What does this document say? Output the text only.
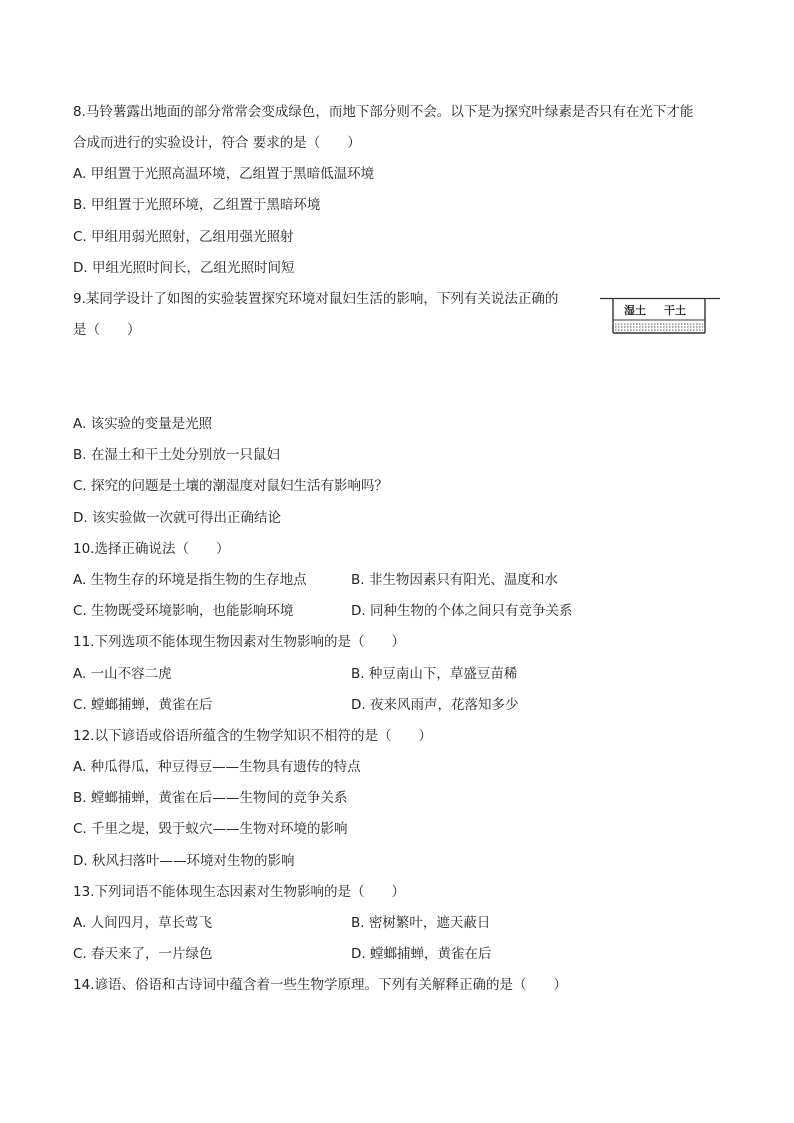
8.马铃薯露出地面的部分常常会变成绿色，而地下部分则不会。以下是为探究叶绿素是否只有在光下才能
合成而进行的实验设计，符合 要求的是（　　）
A. 甲组置于光照高温环境，乙组置于黑暗低温环境
B. 甲组置于光照环境，乙组置于黑暗环境
C. 甲组用弱光照射，乙组用强光照射
D. 甲组光照时间长，乙组光照时间短
9.某同学设计了如图的实验装置探究环境对鼠妇生活的影响，下列有关说法正确的
是（　　）
湿土 干土
A. 该实验的变量是光照
B. 在湿土和干土处分别放一只鼠妇
C. 探究的问题是土壤的潮湿度对鼠妇生活有影响吗？
D. 该实验做一次就可得出正确结论
10.选择正确说法（　　）
A. 生物生存的环境是指生物的生存地点	B. 非生物因素只有阳光、温度和水
C. 生物既受环境影响，也能影响环境	D. 同种生物的个体之间只有竞争关系
11.下列选项不能体现生物因素对生物影响的是（　　）
A. 一山不容二虎	B. 种豆南山下，草盛豆苗稀
C. 螳螂捕蝉，黄雀在后	D. 夜来风雨声，花落知多少
12.以下谚语或俗语所蕴含的生物学知识不相符的是（　　）
A. 种瓜得瓜，种豆得豆——生物具有遗传的特点
B. 螳螂捕蝉，黄雀在后——生物间的竞争关系
C. 千里之堤，毁于蚁穴——生物对环境的影响
D. 秋风扫落叶——环境对生物的影响
13.下列词语不能体现生态因素对生物影响的是（　　）
A. 人间四月，草长莺飞	B. 密树繁叶，遮天蔽日
C. 春天来了，一片绿色	D. 螳螂捕蝉，黄雀在后
14.谚语、俗语和古诗词中蕴含着一些生物学原理。下列有关解释正确的是（　　）
